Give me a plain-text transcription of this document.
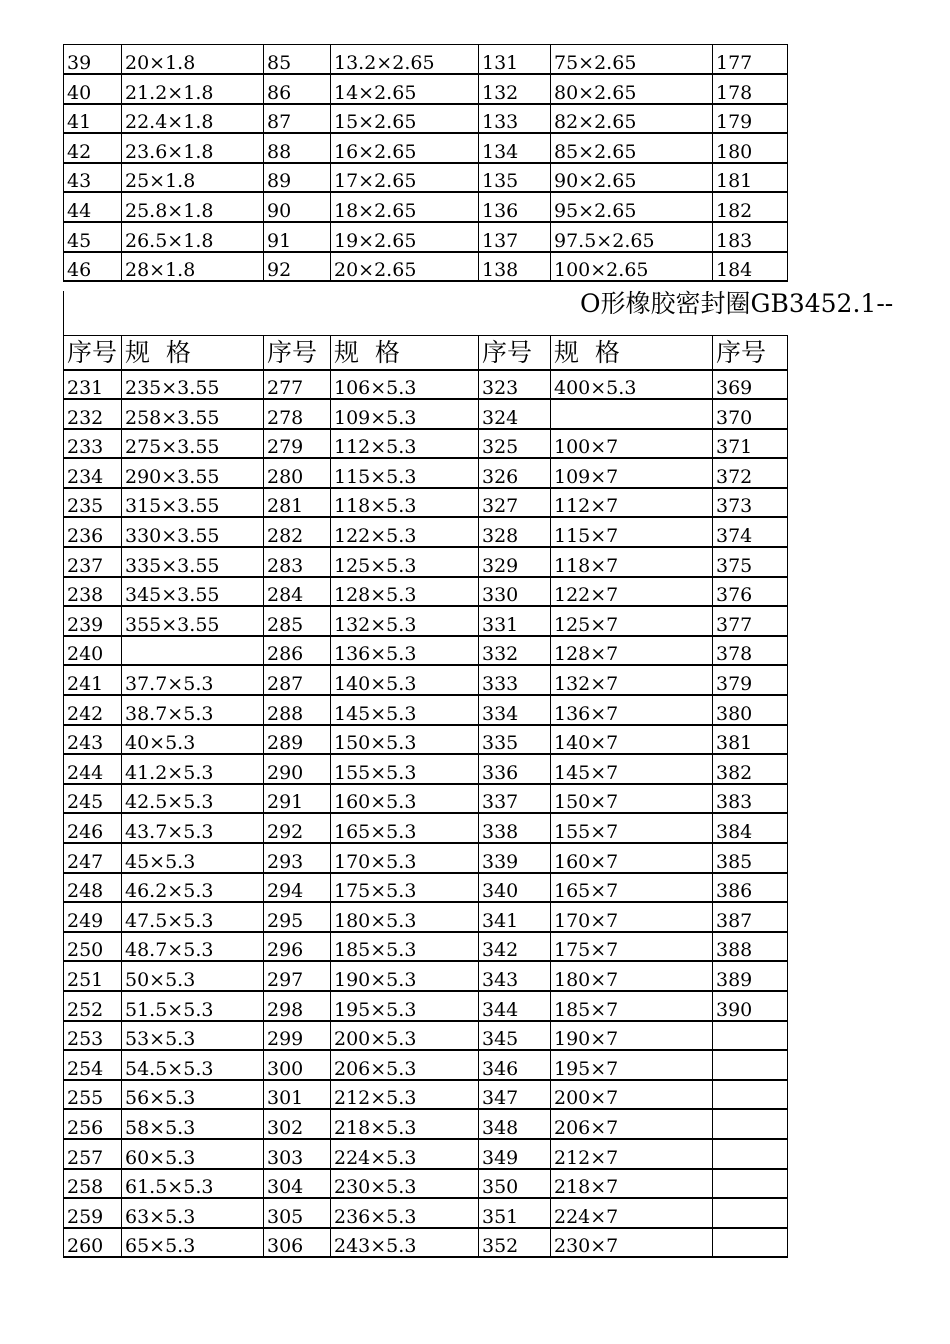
39	20×1.8	85	13.2×2.65	131	75×2.65	177
40	21.2×1.8	86	14×2.65	132	80×2.65	178
41	22.4×1.8	87	15×2.65	133	82×2.65	179
42	23.6×1.8	88	16×2.65	134	85×2.65	180
43	25×1.8	89	17×2.65	135	90×2.65	181
44	25.8×1.8	90	18×2.65	136	95×2.65	182
45	26.5×1.8	91	19×2.65	137	97.5×2.65	183
46	28×1.8	92	20×2.65	138	100×2.65	184
O形橡胶密封圈GB3452.1--
序号	规  格	序号	规  格	序号	规  格	序号
231	235×3.55	277	106×5.3	323	400×5.3	369
232	258×3.55	278	109×5.3	324		370
233	275×3.55	279	112×5.3	325	100×7	371
234	290×3.55	280	115×5.3	326	109×7	372
235	315×3.55	281	118×5.3	327	112×7	373
236	330×3.55	282	122×5.3	328	115×7	374
237	335×3.55	283	125×5.3	329	118×7	375
238	345×3.55	284	128×5.3	330	122×7	376
239	355×3.55	285	132×5.3	331	125×7	377
240		286	136×5.3	332	128×7	378
241	37.7×5.3	287	140×5.3	333	132×7	379
242	38.7×5.3	288	145×5.3	334	136×7	380
243	40×5.3	289	150×5.3	335	140×7	381
244	41.2×5.3	290	155×5.3	336	145×7	382
245	42.5×5.3	291	160×5.3	337	150×7	383
246	43.7×5.3	292	165×5.3	338	155×7	384
247	45×5.3	293	170×5.3	339	160×7	385
248	46.2×5.3	294	175×5.3	340	165×7	386
249	47.5×5.3	295	180×5.3	341	170×7	387
250	48.7×5.3	296	185×5.3	342	175×7	388
251	50×5.3	297	190×5.3	343	180×7	389
252	51.5×5.3	298	195×5.3	344	185×7	390
253	53×5.3	299	200×5.3	345	190×7	
254	54.5×5.3	300	206×5.3	346	195×7	
255	56×5.3	301	212×5.3	347	200×7	
256	58×5.3	302	218×5.3	348	206×7	
257	60×5.3	303	224×5.3	349	212×7	
258	61.5×5.3	304	230×5.3	350	218×7	
259	63×5.3	305	236×5.3	351	224×7	
260	65×5.3	306	243×5.3	352	230×7	
